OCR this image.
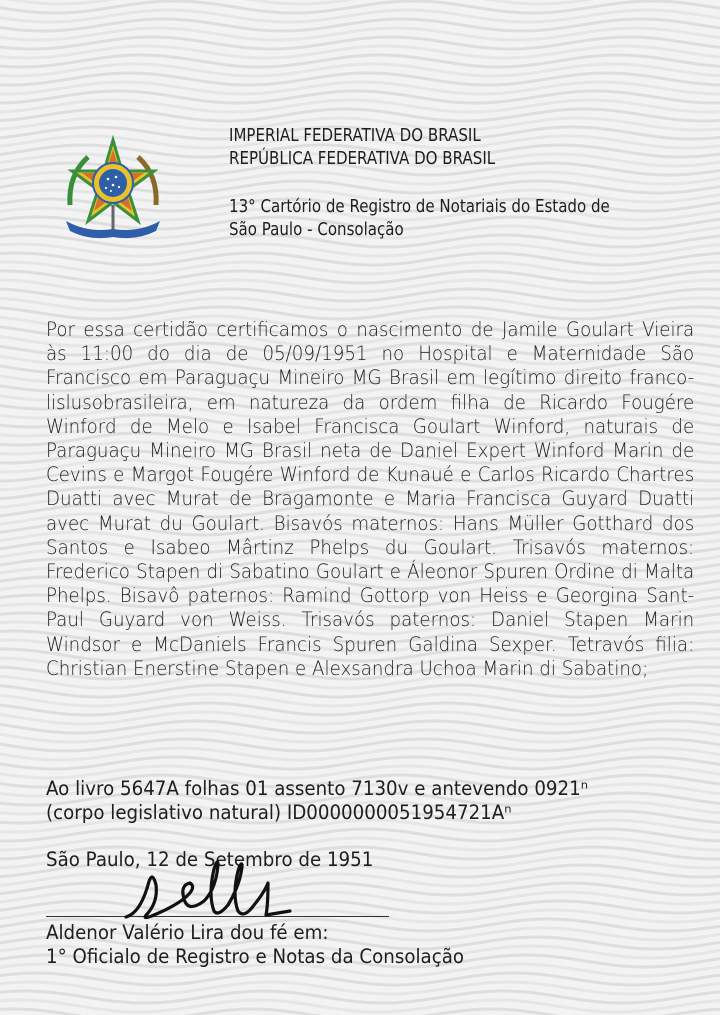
IMPERIAL FEDERATIVA DO BRASIL
REPÚBLICA FEDERATIVA DO BRASIL
13° Cartório de Registro de Notariais do Estado de
São Paulo - Consolação
Por essa certidão certificamos o nascimento de Jamile Goulart Vieira às 11:00 do dia de 05/09/1951 no Hospital e Maternidade São Francisco em Paraguaçu Mineiro MG Brasil em legítimo direito franco-lislusobrasileira, em natureza da ordem filha de Ricardo Fougére Winford de Melo e Isabel Francisca Goulart Winford, naturais de Paraguaçu Mineiro MG Brasil neta de Daniel Expert Winford Marin de Cevins e Margot Fougére Winford de Kunaué e Carlos Ricardo Chartres Duatti avec Murat de Bragamonte e Maria Francisca Guyard Duatti avec Murat du Goulart. Bisavós maternos: Hans Müller Gotthard dos Santos e Isabeo Mârtinz Phelps du Goulart. Trisavós maternos: Frederico Stapen di Sabatino Goulart e Áleonor Spuren Ordine di Malta Phelps. Bisavô paternos: Ramind Gottorp von Heiss e Georgina Sant-Paul Guyard von Weiss. Trisavós paternos: Daniel Stapen Marin Windsor e McDaniels Francis Spuren Galdina Sexper. Tetravós filia: Christian Enerstine Stapen e Alexsandra Uchoa Marin di Sabatino;
Ao livro 5647A folhas 01 assento 7130v e antevendo 0921ⁿ
(corpo legislativo natural) ID0000000051954721Aⁿ
São Paulo, 12 de Setembro de 1951
Aldenor Valério Lira dou fé em:
1° Oficialo de Registro e Notas da Consolação
